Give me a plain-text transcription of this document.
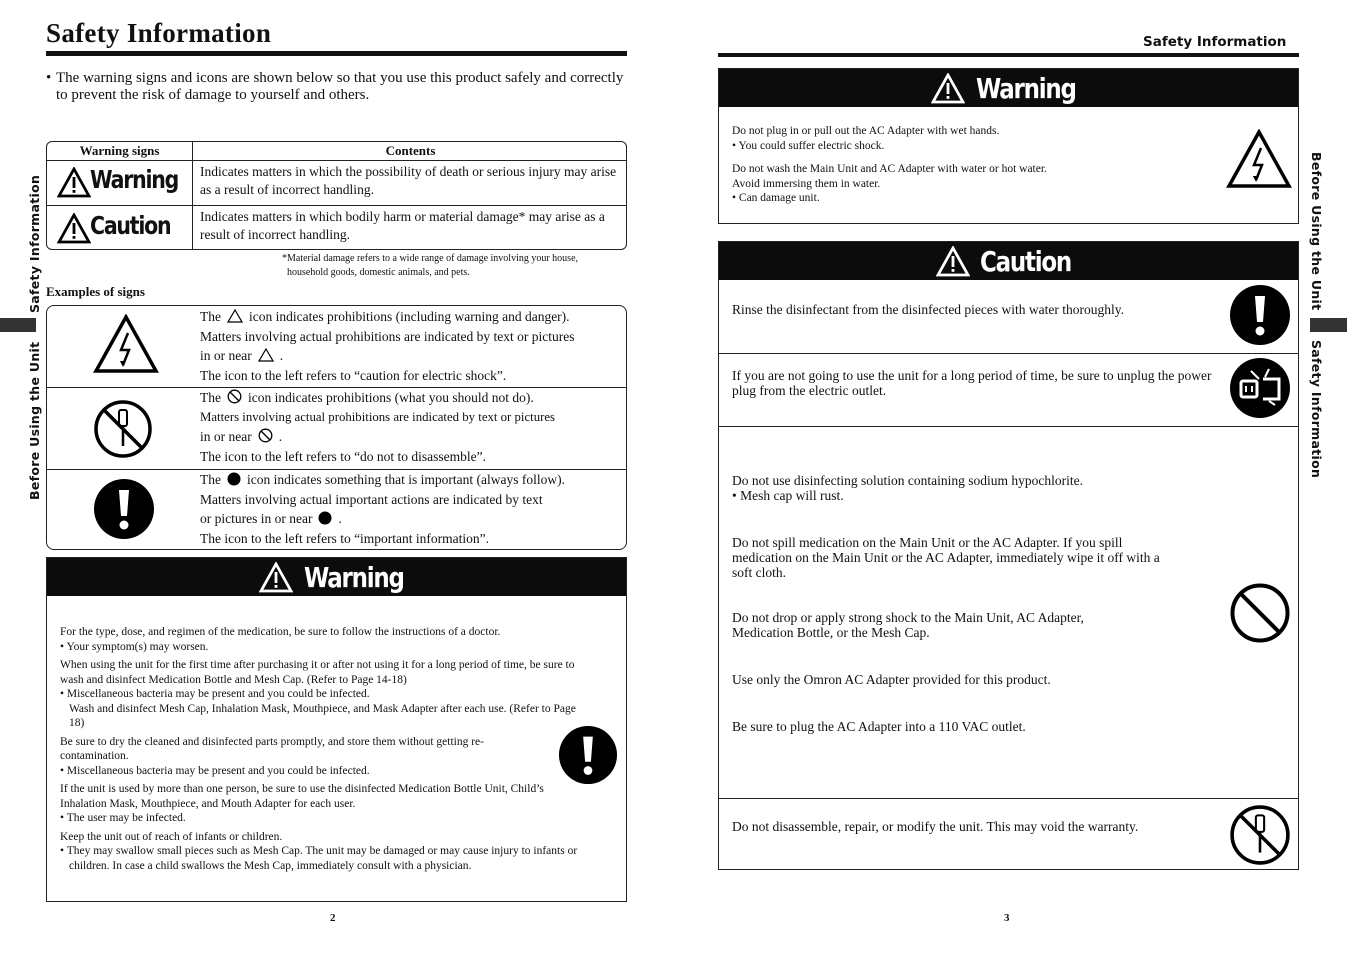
Safety Information
• The warning signs and icons are shown below so that you use this product safely and correctly to prevent the risk of damage to yourself and others.
Warning signs	Contents
Warning Indicates matters in which the possibility of death or serious injury may arise as a result of incorrect handling.
Caution Indicates matters in which bodily harm or material damage* may arise as a result of incorrect handling.
*Material damage refers to a wide range of damage involving your house,
household goods, domestic animals, and pets.
Examples of signs
The icon indicates prohibitions (including warning and danger).
Matters involving actual prohibitions are indicated by text or pictures
in or near .
The icon to the left refers to “caution for electric shock”.
The icon indicates prohibitions (what you should not do).
Matters involving actual prohibitions are indicated by text or pictures
in or near .
The icon to the left refers to “do not to disassemble”.
The icon indicates something that is important (always follow).
Matters involving actual important actions are indicated by text
or pictures in or near .
The icon to the left refers to “important information”.
Warning

For the type, dose, and regimen of the medication, be sure to follow the instructions of a doctor.

• Your symptom(s) may worsen.

When using the unit for the first time after purchasing it or after not using it for a long period of time, be sure to wash and disinfect Medication Bottle and Mesh Cap. (Refer to Page 14-18)

• Miscellaneous bacteria may be present and you could be infected.
Wash and disinfect Mesh Cap, Inhalation Mask, Mouthpiece, and Mask Adapter after each use. (Refer to Page 18)

Be sure to dry the cleaned and disinfected parts promptly, and store them without getting re-contamination.

• Miscellaneous bacteria may be present and you could be infected.

If the unit is used by more than one person, be sure to use the disinfected Medication Bottle Unit, Child’s Inhalation Mask, Mouthpiece, and Mouth Adapter for each user.

• The user may be infected.

Keep the unit out of reach of infants or children.

• They may swallow small pieces such as Mesh Cap. The unit may be damaged or may cause injury to infants or children. In case a child swallows the Mesh Cap, immediately consult with a physician.

2
Before Using the Unit
Safety Information
Safety Information
Warning

Do not plug in or pull out the AC Adapter with wet hands.
• You could suffer electric shock.

Do not wash the Main Unit and AC Adapter with water or hot water.
Avoid immersing them in water.
• Can damage unit.

Caution
Rinse the disinfectant from the disinfected pieces with water thoroughly.
If you are not going to use the unit for a long period of time, be sure to unplug the power plug from the electric outlet.
Do not use disinfecting solution containing sodium hypochlorite.
• Mesh cap will rust.
Do not spill medication on the Main Unit or the AC Adapter. If you spill medication on the Main Unit or the AC Adapter, immediately wipe it off with a soft cloth.
Do not drop or apply strong shock to the Main Unit, AC Adapter, Medication Bottle, or the Mesh Cap.
Use only the Omron AC Adapter provided for this product.
Be sure to plug the AC Adapter into a 110 VAC outlet.
Do not disassemble, repair, or modify the unit. This may void the warranty.
3
Before Using the Unit
Safety Information
